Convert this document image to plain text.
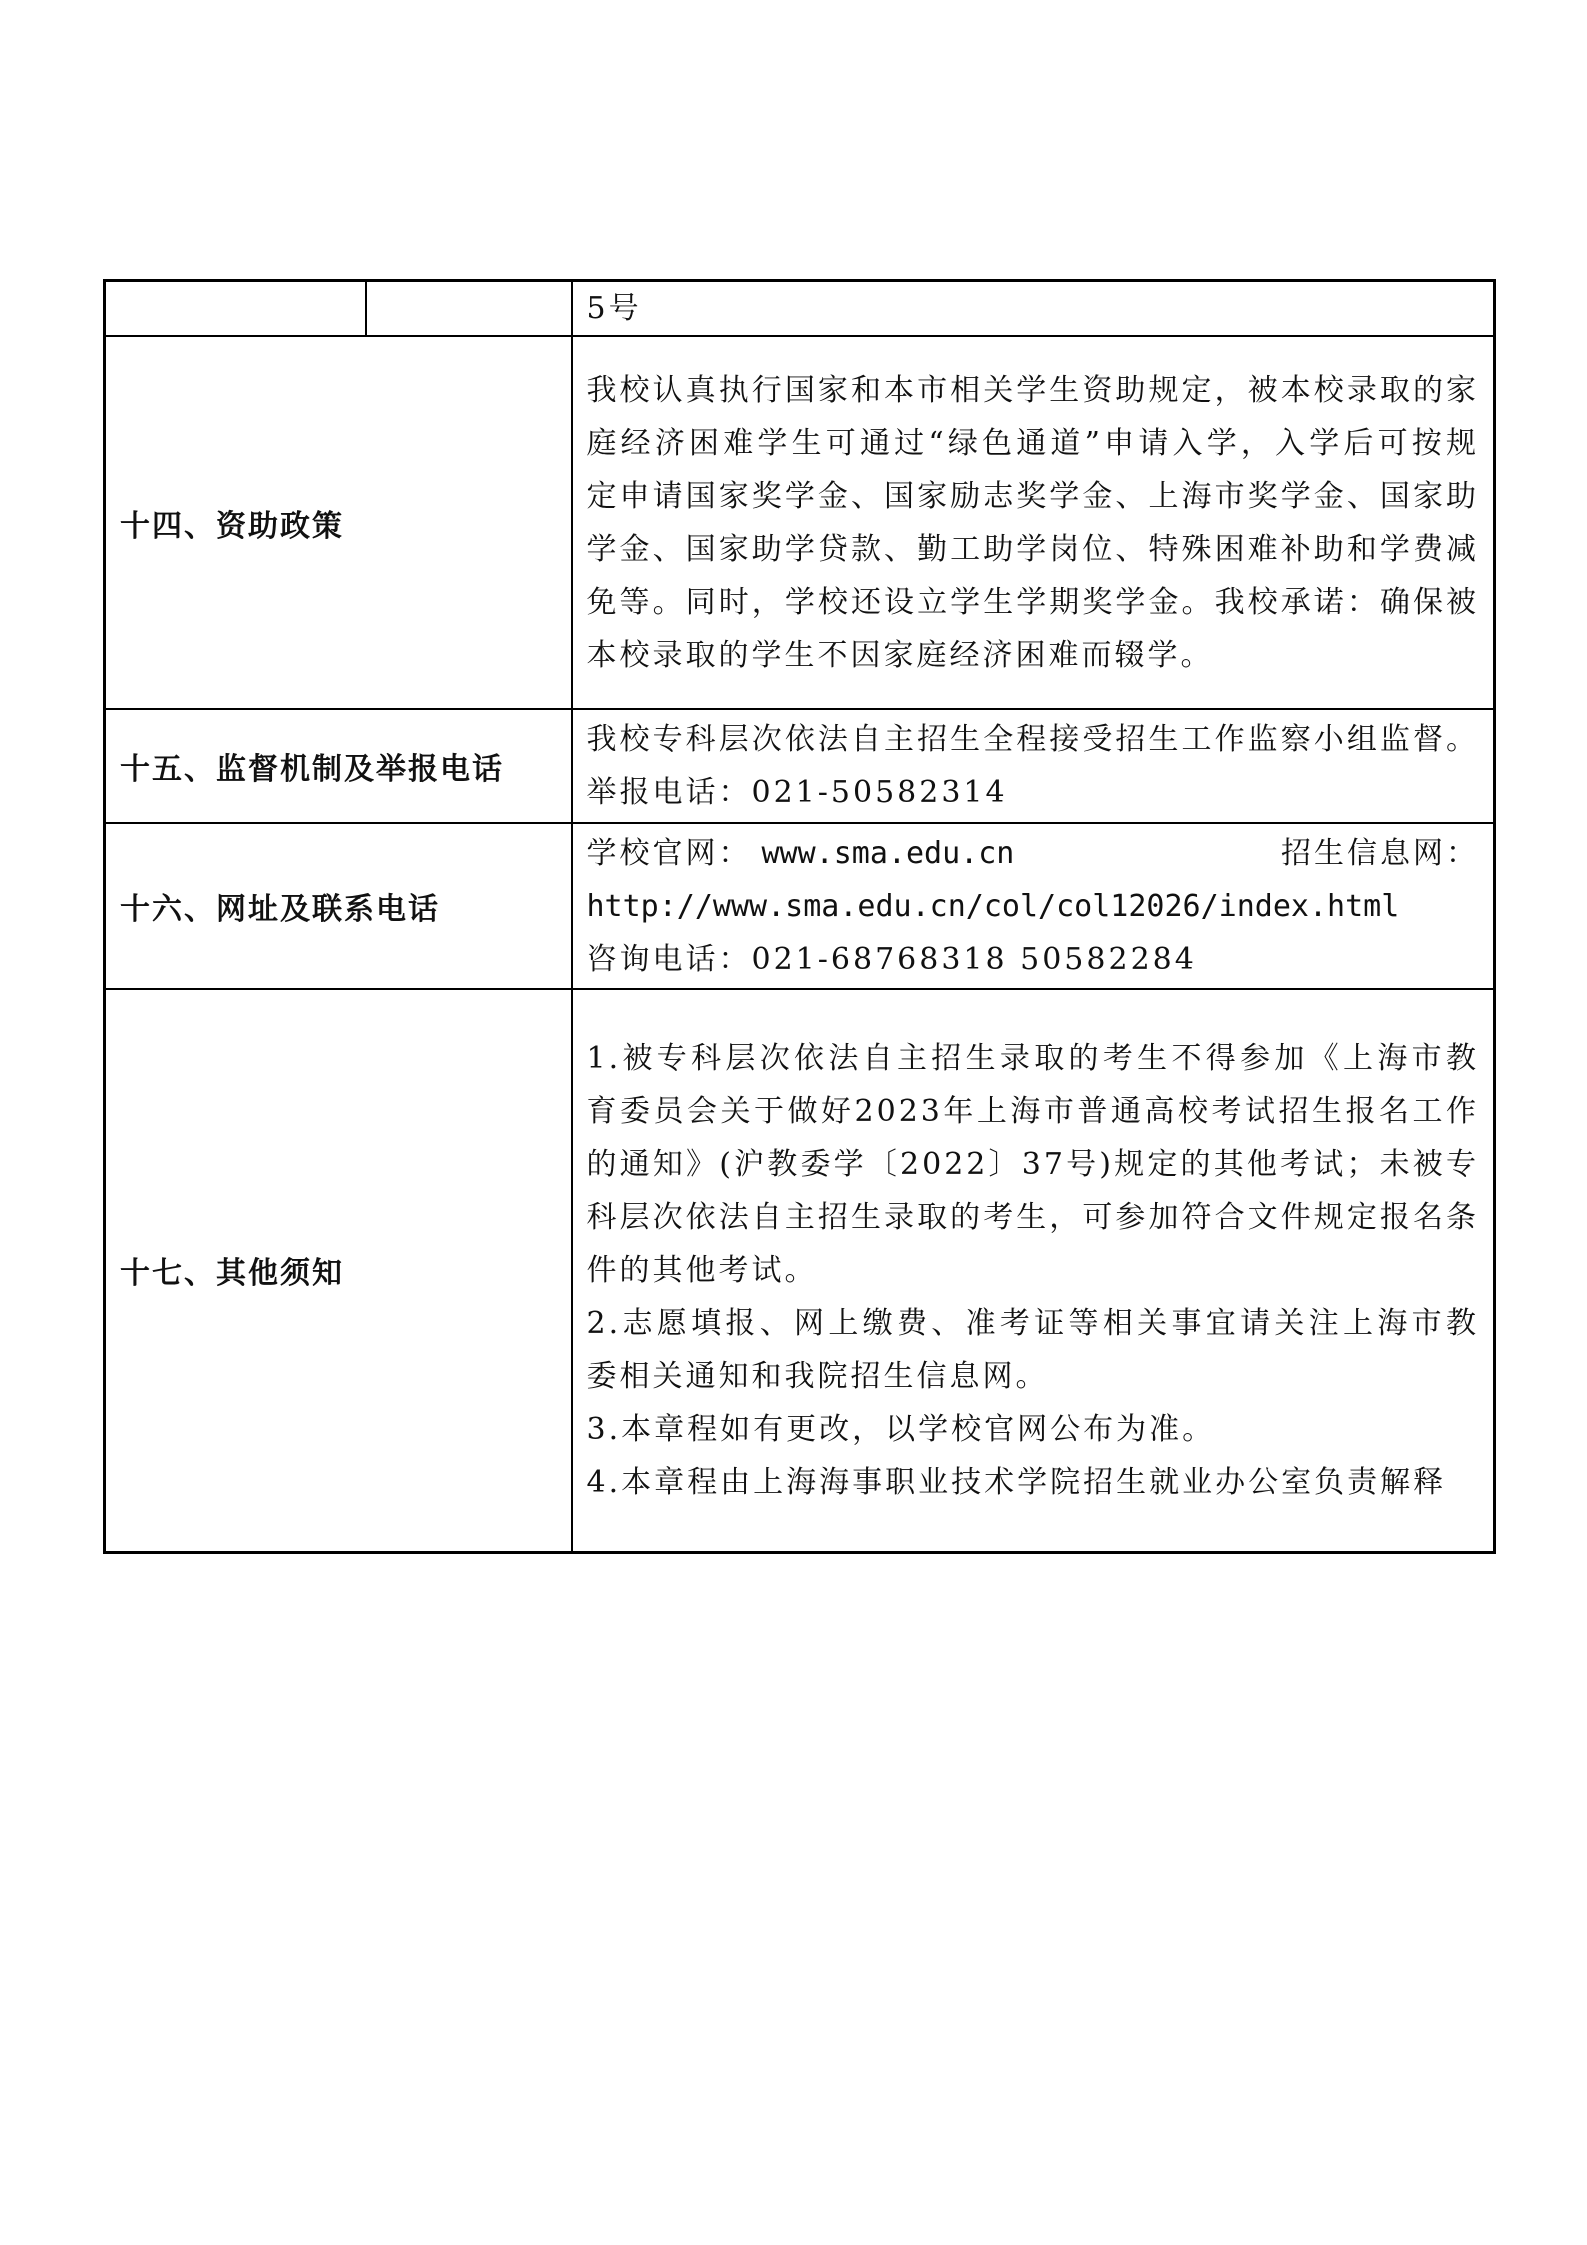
		5号

十四、资助政策		我校认真执行国家和本市相关学生资助规定，被本校录取的家庭经济困难学生可通过“绿色通道”申请入学，入学后可按规定申请国家奖学金、国家励志奖学金、上海市奖学金、国家助学金、国家助学贷款、勤工助学岗位、特殊困难补助和学费减免等。同时，学校还设立学生学期奖学金。我校承诺：确保被本校录取的学生不因家庭经济困难而辍学。

十五、监督机制及举报电话		我校专科层次依法自主招生全程接受招生工作监察小组监督。举报电话：021-50582314

十六、网址及联系电话		学校官网： www.sma.edu.cn 招生信息网：
http://www.sma.edu.cn/col/col12026/index.html
咨询电话：021-68768318 50582284

十七、其他须知		1.被专科层次依法自主招生录取的考生不得参加《上海市教育委员会关于做好2023年上海市普通高校考试招生报名工作的通知》(沪教委学〔2022〕37号)规定的其他考试；未被专科层次依法自主招生录取的考生，可参加符合文件规定报名条件的其他考试。
2.志愿填报、网上缴费、准考证等相关事宜请关注上海市教委相关通知和我院招生信息网。
3.本章程如有更改，以学校官网公布为准。
4.本章程由上海海事职业技术学院招生就业办公室负责解释
